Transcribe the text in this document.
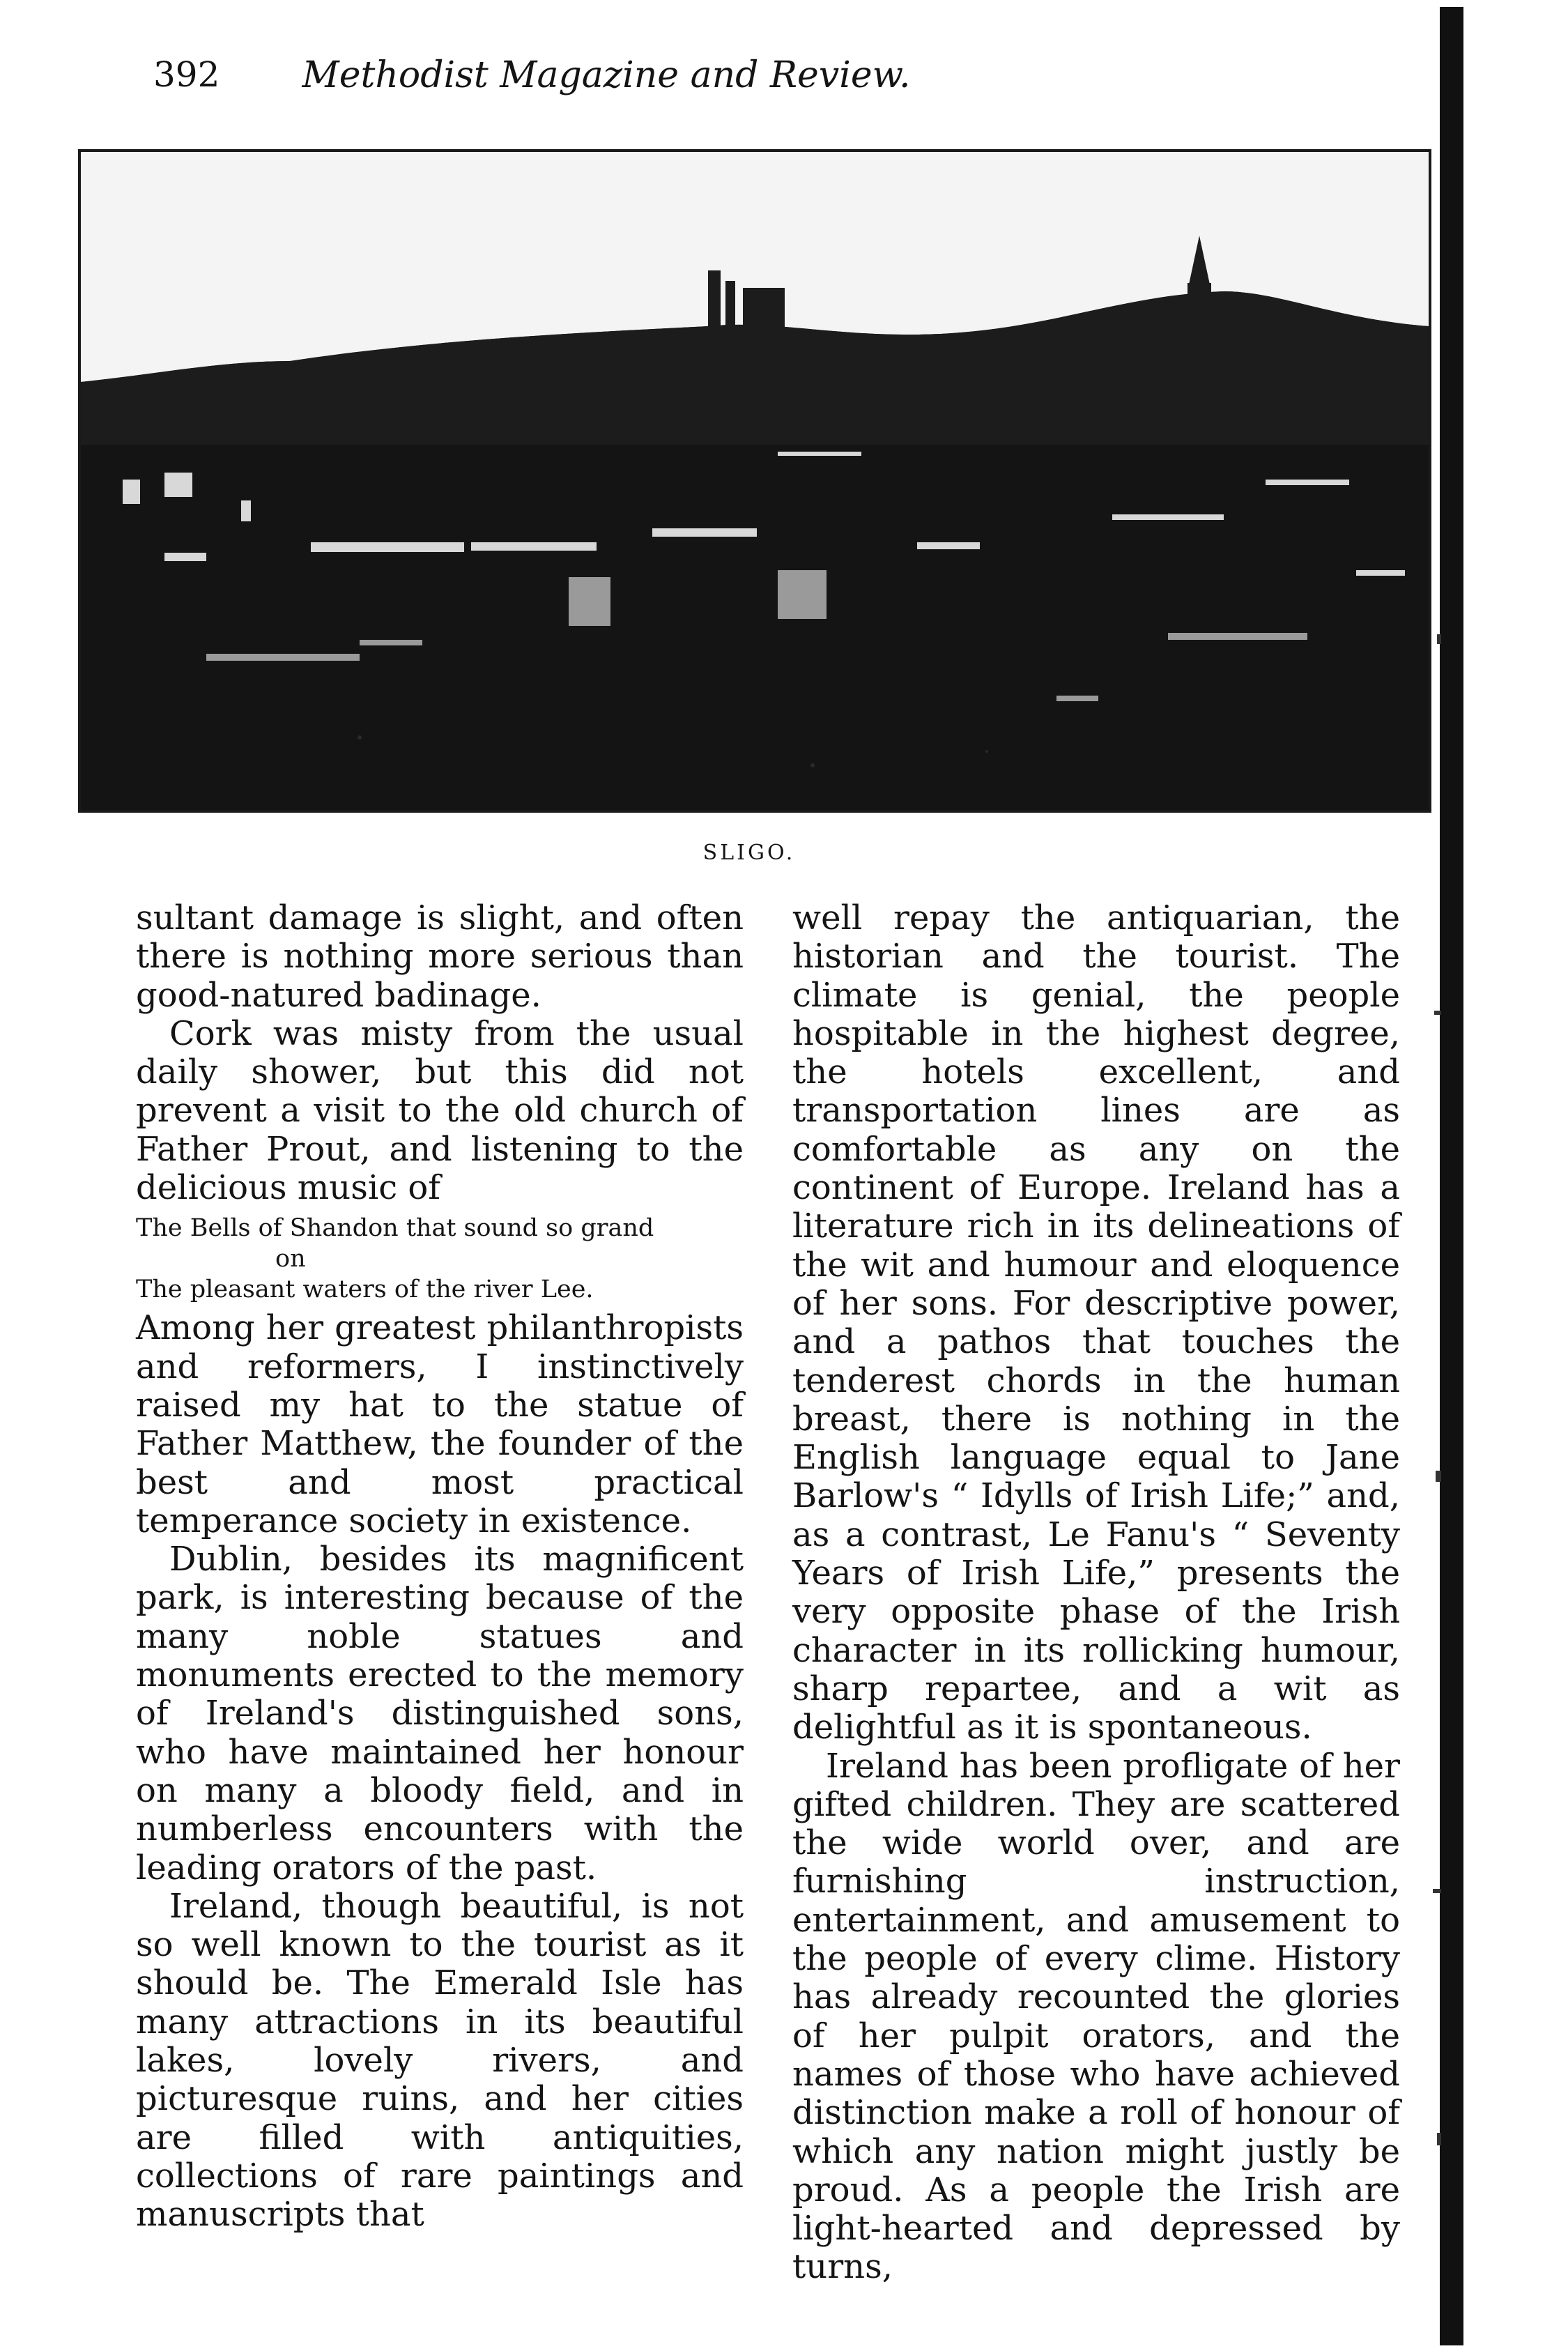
392	Methodist Magazine and Review.
SLIGO.

sultant damage is slight, and often there is nothing more serious than good-natured badinage.

Cork was misty from the usual daily shower, but this did not prevent a visit to the old church of Father Prout, and listening to the delicious music of

The Bells of Shandon that sound so grand
on
The pleasant waters of the river Lee.

Among her greatest philanthropists and reformers, I instinctively raised my hat to the statue of Father Matthew, the founder of the best and most practical temperance society in existence.

Dublin, besides its magnificent park, is interesting because of the many noble statues and monuments erected to the memory of Ireland's distinguished sons, who have maintained her honour on many a bloody field, and in numberless encounters with the leading orators of the past.

Ireland, though beautiful, is not so well known to the tourist as it should be. The Emerald Isle has many attractions in its beautiful lakes, lovely rivers, and picturesque ruins, and her cities are filled with antiquities, collections of rare paintings and manuscripts that

well repay the antiquarian, the historian and the tourist. The climate is genial, the people hospitable in the highest degree, the hotels excellent, and transportation lines are as comfortable as any on the continent of Europe. Ireland has a literature rich in its delineations of the wit and humour and eloquence of her sons. For descriptive power, and a pathos that touches the tenderest chords in the human breast, there is nothing in the English language equal to Jane Barlow's “ Idylls of Irish Life;” and, as a contrast, Le Fanu's “ Seventy Years of Irish Life,” presents the very opposite phase of the Irish character in its rollicking humour, sharp repartee, and a wit as delightful as it is spontaneous.

Ireland has been profligate of her gifted children. They are scattered the wide world over, and are furnishing instruction, entertainment, and amusement to the people of every clime. History has already recounted the glories of her pulpit orators, and the names of those who have achieved distinction make a roll of honour of which any nation might justly be proud. As a people the Irish are light-hearted and depressed by turns,
